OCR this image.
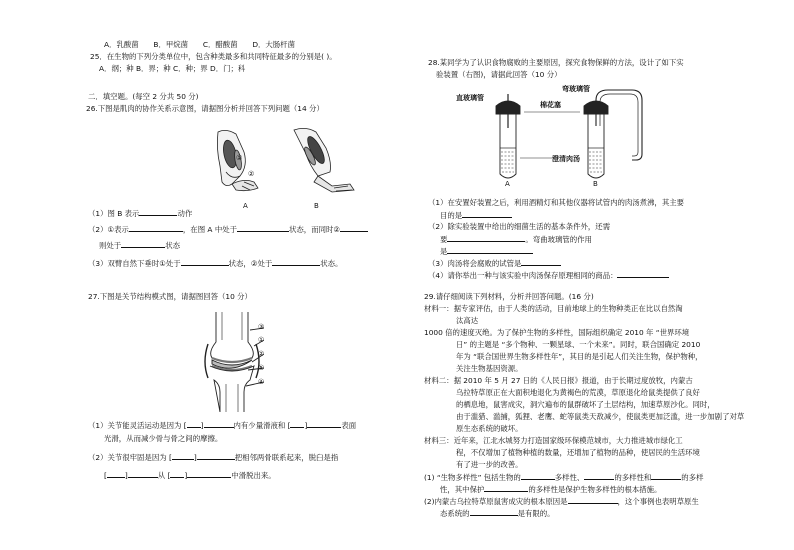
A．乳酸菌　　B．甲烷菌　　C．醋酸菌　　D．大肠杆菌
25．在生物的下列分类单位中，包含种类最多和共同特征最多的分别是( )。
A．纲；种 B．界；种 C．种；界 D．门；科
二．填空题。(每空 2 分共 50 分)
26.下图是肌肉的协作关系示意图，请据图分析并回答下列问题（14 分）
①
②
A	B
（1）图 B 表示	动作
（2）①表示	，在图 A 中处于	状态，而同时②
则处于	状态
（3）双臂自然下垂时①处于	状态，②处于	状态。
27.下图是关节结构模式图，请据图回答（10 分）
③
①
②
⑤
④
（1）关节能灵活运动是因为 [ ]	内有少量滑液和 [ ]	表面
光滑，从而减少骨与骨之间的摩擦。
（2）关节很牢固是因为 [	]	把相邻两骨联系起来，脱臼是指
[ ]	从 [ ]	中滑脱出来。
28.某同学为了认识食物腐败的主要原因，探究食物保鲜的方法，设计了如下实
验装置（右图)，请据此回答（10 分）
直玻璃管
弯玻璃管
棉花塞
澄清肉汤
A	B
（1）在安置好装置之后，利用酒精灯和其他仪器将试管内的肉汤煮沸，其主要
目的是
（2）除实验装置中给出的细菌生活的基本条件外，还需
要	。弯曲玻璃管的作用
是
（3）肉汤将会腐败的试管是
（4）请你举出一种与该实验中肉汤保存原理相同的商品：
29.请仔细阅读下列材料，分析并回答问题。(16 分)
材料一：据专家评估，由于人类的活动，目前地球上的生物种类正在比以自然淘
汰高达
1000 倍的速度灭绝。为了保护生物的多样性，国际组织确定 2010 年 “世界环境
日” 的主题是 “多个物种、一颗星球、一个未来”。同时，联合国确定 2010
年为 “联合国世界生物多样性年”，其目的是引起人们关注生物，保护物种，
关注生物基因资源。
材料二：据 2010 年 5 月 27 日的《人民日报》报道，由于长期过度放牧，内蒙古
乌拉特草原正在大面积地退化为黄褐色的荒漠，草原退化给鼠类提供了良好
的栖息地，鼠害成灾，洞穴遍布的鼠群破坏了土层结构，加速草原沙化。同时，
由于滥猎、滥捕，狐狸、老鹰、蛇等鼠类天敌减少，使鼠类更加泛滥，进一步加剧了对草
原生态系统的破坏。
材料三：近年来，江北水城努力打造国家级环保模范城市，大力推进城市绿化工
程，不仅增加了植物种植的数量，还增加了植物的品种，使居民的生活环境
有了进一步的改善。
(1) “生物多样性” 包括生物的	多样性、	的多样性和	的多样
性，其中保护	的多样性是保护生物多样性的根本措施。
(2)内蒙古乌拉特草原鼠害成灾的根本原因是	，这个事例也表明草原生
态系统的	是有限的。
